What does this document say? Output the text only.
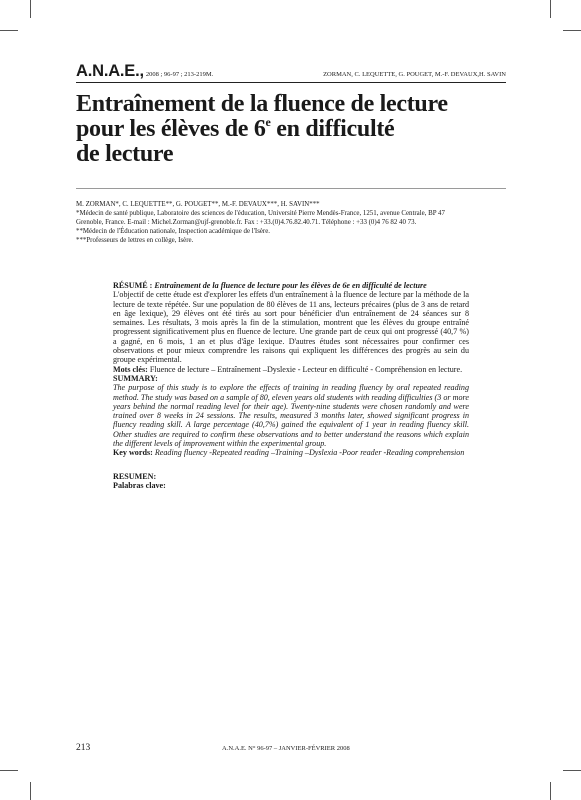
A.N.A.E., 2008 ; 96-97 ; 213-219M.	ZORMAN, C. LEQUETTE, G. POUGET, M.-F. DEVAUX,H. SAVIN
Entraînement de la fluence de lecture
pour les élèves de 6e en difficulté
de lecture
M. ZORMAN*, C. LEQUETTE**, G. POUGET**, M.-F. DEVAUX***, H. SAVIN***
*Médecin de santé publique, Laboratoire des sciences de l'éducation, Université Pierre Mendès-France, 1251, avenue Centrale, BP 47
Grenoble, France. E-mail : Michel.Zorman@ujf-grenoble.fr. Fax : +33.(0)4.76.82.40.71. Téléphone : +33 (0)4 76 82 40 73.
**Médecin de l'Éducation nationale, Inspection académique de l'Isère.
***Professeurs de lettres en collège, Isère.

RÉSUMÉ : Entraînement de la fluence de lecture pour les élèves de 6e en difficulté de lecture

L'objectif de cette étude est d'explorer les effets d'un entraînement à la fluence de lecture par la méthode de la lecture de texte répétée. Sur une population de 80 élèves de 11 ans, lecteurs précaires (plus de 3 ans de retard en âge lexique), 29 élèves ont été tirés au sort pour bénéficier d'un entraînement de 24 séances sur 8 semaines. Les résultats, 3 mois après la fin de la stimulation, montrent que les élèves du groupe entraîné progressent significativement plus en fluence de lecture. Une grande part de ceux qui ont progressé (40,7 %) a gagné, en 6 mois, 1 an et plus d'âge lexique. D'autres études sont nécessaires pour confirmer ces observations et pour mieux comprendre les raisons qui expliquent les différences des progrès au sein du groupe expérimental.

Mots clés: Fluence de lecture – Entraînement –Dyslexie - Lecteur en difficulté - Compréhension en lecture.

SUMMARY:

The purpose of this study is to explore the effects of training in reading fluency by oral repeated reading method. The study was based on a sample of 80, eleven years old students with reading difficulties (3 or more years behind the normal reading level for their age). Twenty-nine students were chosen randomly and were trained over 8 weeks in 24 sessions. The results, measured 3 months later, showed significant progress in fluency reading skill. A large percentage (40,7%) gained the equivalent of 1 year in reading fluency skill. Other studies are required to confirm these observations and to better understand the reasons which explain the different levels of improvement within the experimental group.

Key words: Reading fluency -Repeated reading –Training –Dyslexia -Poor reader -Reading comprehension

RESUMEN:

Palabras clave:

213	A.N.A.E. N° 96-97 – JANVIER-FÉVRIER 2008
